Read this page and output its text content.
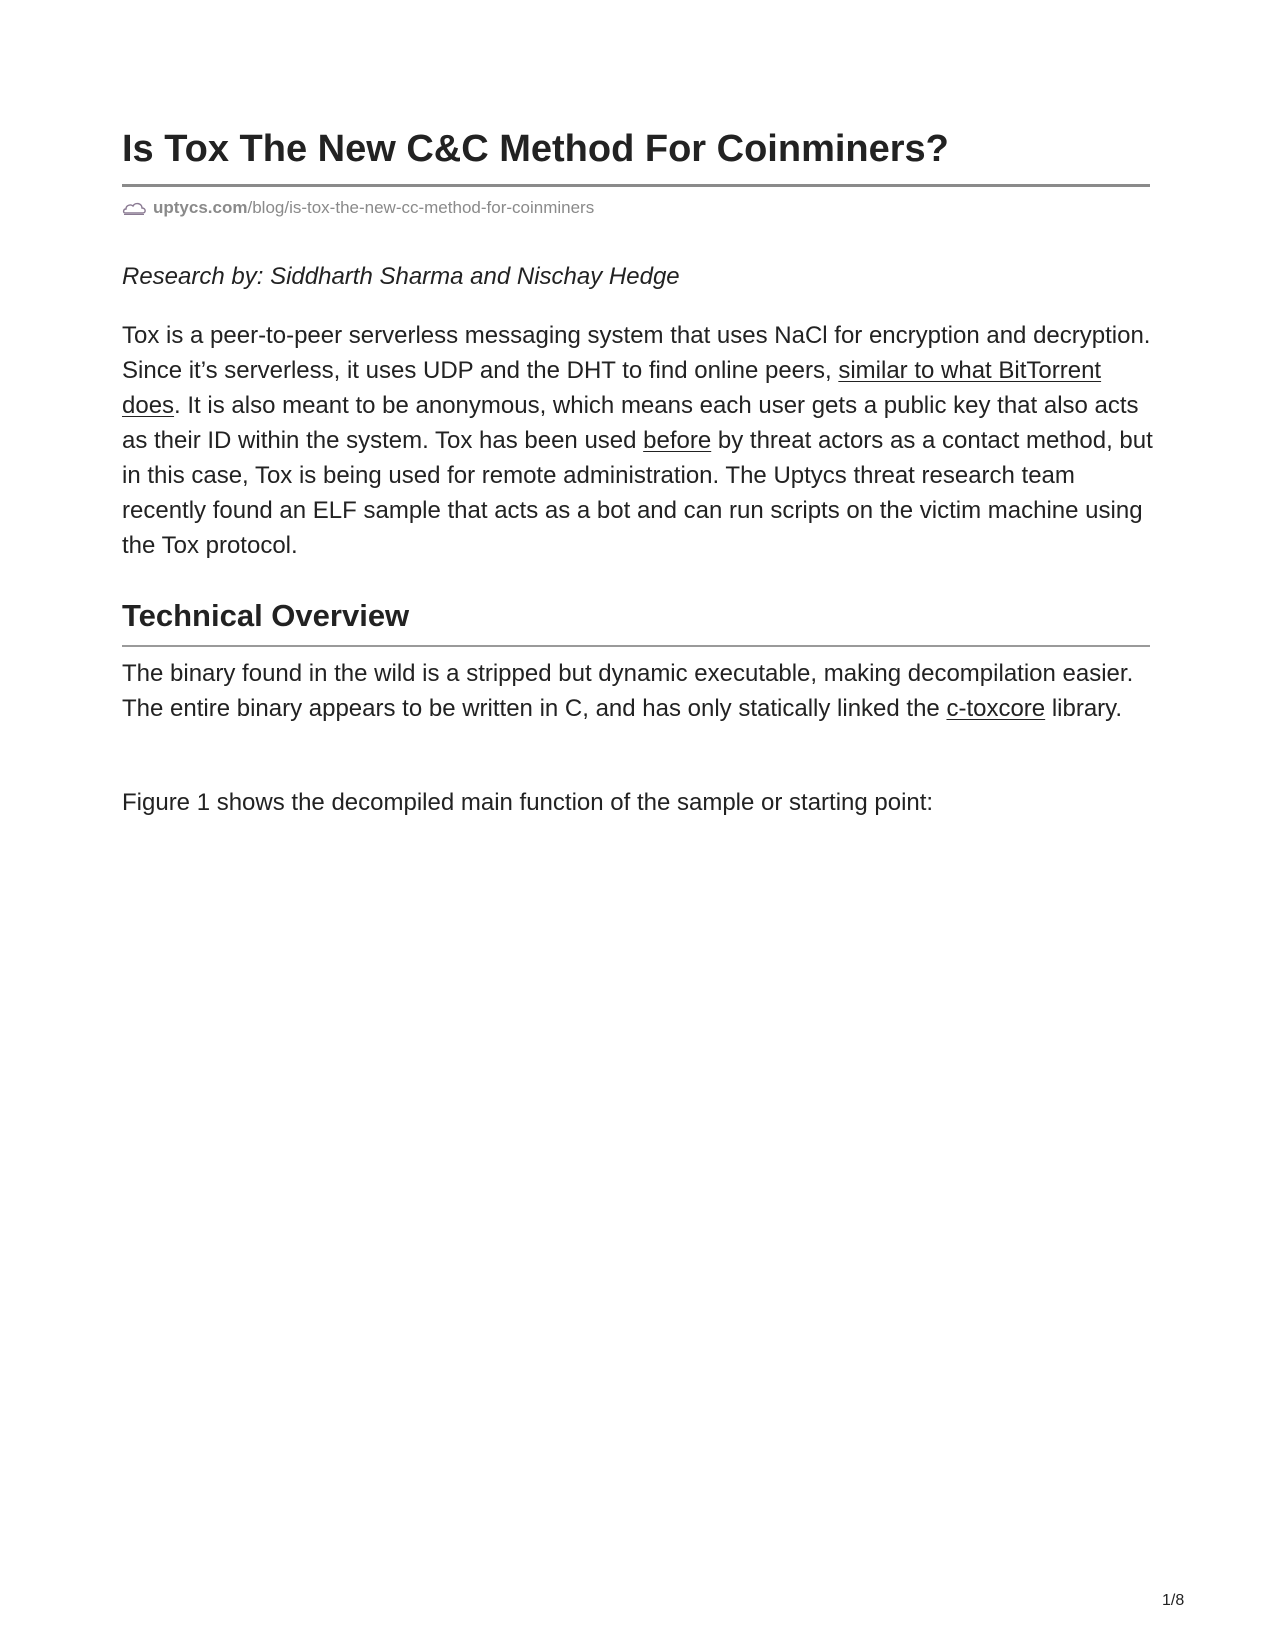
Is Tox The New C&C Method For Coinminers?
uptycs.com /blog/is-tox-the-new-cc-method-for-coinminers

Research by: Siddharth Sharma and Nischay Hedge

Tox is a peer-to-peer serverless messaging system that uses NaCl for encryption and decryption. Since it’s serverless, it uses UDP and the DHT to find online peers, similar to what BitTorrent does. It is also meant to be anonymous, which means each user gets a public key that also acts as their ID within the system. Tox has been used before by threat actors as a contact method, but in this case, Tox is being used for remote administration. The Uptycs threat research team recently found an ELF sample that acts as a bot and can run scripts on the victim machine using the Tox protocol.

Technical Overview

The binary found in the wild is a stripped but dynamic executable, making decompilation easier. The entire binary appears to be written in C, and has only statically linked the c-toxcore library.

Figure 1 shows the decompiled main function of the sample or starting point:

1/8
